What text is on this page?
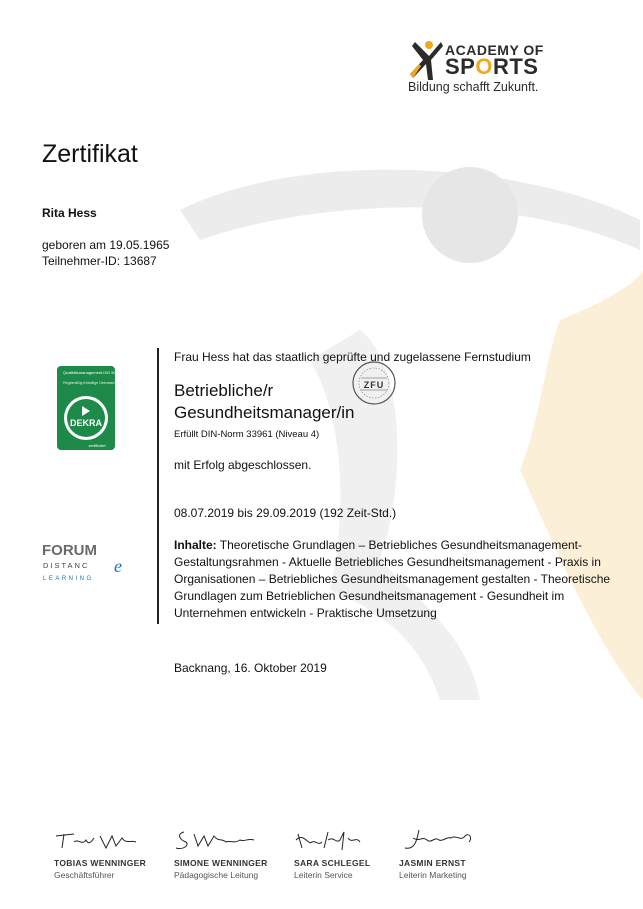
ACADEMY OF
SPORTS
Bildung schafft Zukunft.
Zertifikat
Rita Hess
geboren am 19.05.1965
Teilnehmer-ID: 13687
Qualitätsmanagement ISO 9001:2008
Regelmäßig freiwillige Überwachung
DEKRA
zertifiziert
Frau Hess hat das staatlich geprüfte und zugelassene Fernstudium
Betriebliche/r
Gesundheitsmanager/in
Erfüllt DIN-Norm 33961 (Niveau 4)
ZFU
mit Erfolg abgeschlossen.
08.07.2019 bis 29.09.2019 (192 Zeit-Std.)
FORUM
DISTANC e
LEARNING
Inhalte: Theoretische Grundlagen – Betriebliches Gesundheitsmanagement-Gestaltungsrahmen - Aktuelle Betriebliches Gesundheitsmanagement - Praxis in Organisationen – Betriebliches Gesundheitsmanagement gestalten - Theoretische Grundlagen zum Betrieblichen Gesundheitsmanagement - Gesundheit im Unternehmen entwickeln - Praktische Umsetzung
Backnang, 16. Oktober 2019
TOBIAS WENNINGER
Geschäftsführer
SIMONE WENNINGER
Pädagogische Leitung
SARA SCHLEGEL
Leiterin Service
JASMIN ERNST
Leiterin Marketing
